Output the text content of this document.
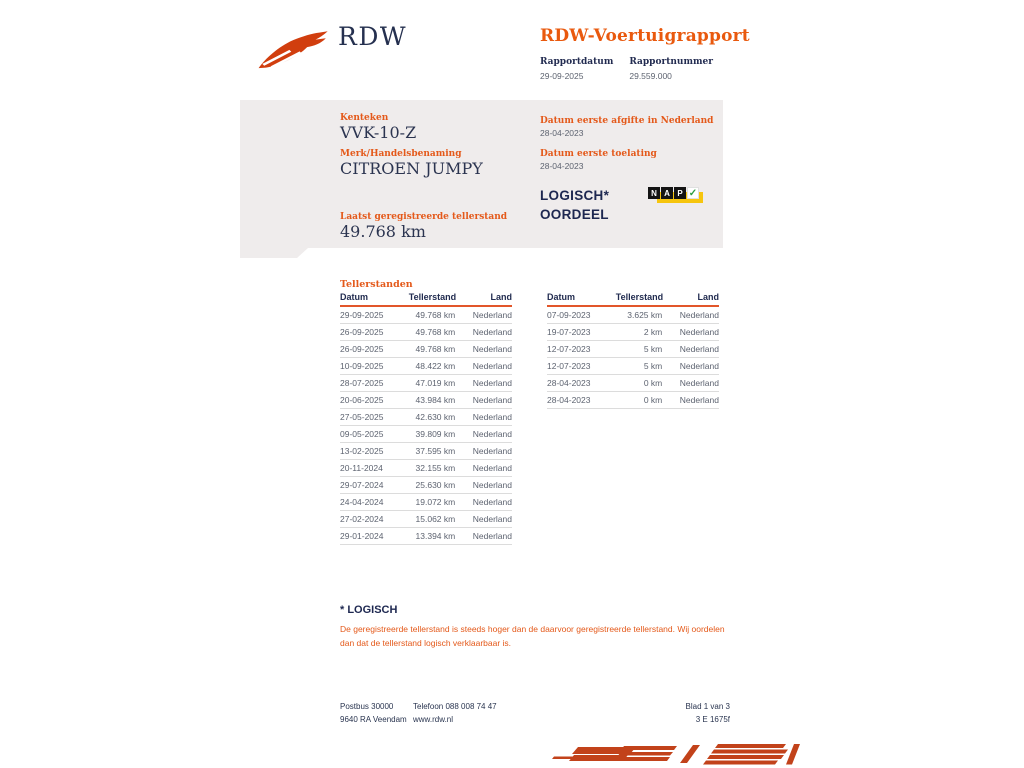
RDW	RDW-Voertuigrapport
Rapportdatum
29-09-2025
Rapportnummer
29.559.000
Kenteken
VVK-10-Z
Merk/Handelsbenaming
CITROEN JUMPY
Laatst geregistreerde tellerstand
49.768 km
Datum eerste afgifte in Nederland
28-04-2023
Datum eerste toelating
28-04-2023
LOGISCH*
OORDEEL
N A P ✓
Tellerstanden
Datum	Tellerstand	Land
29-09-2025	49.768 km	Nederland
26-09-2025	49.768 km	Nederland
26-09-2025	49.768 km	Nederland
10-09-2025	48.422 km	Nederland
28-07-2025	47.019 km	Nederland
20-06-2025	43.984 km	Nederland
27-05-2025	42.630 km	Nederland
09-05-2025	39.809 km	Nederland
13-02-2025	37.595 km	Nederland
20-11-2024	32.155 km	Nederland
29-07-2024	25.630 km	Nederland
24-04-2024	19.072 km	Nederland
27-02-2024	15.062 km	Nederland
29-01-2024	13.394 km	Nederland
Datum	Tellerstand	Land
07-09-2023	3.625 km	Nederland
19-07-2023	2 km	Nederland
12-07-2023	5 km	Nederland
12-07-2023	5 km	Nederland
28-04-2023	0 km	Nederland
28-04-2023	0 km	Nederland
* LOGISCH

De geregistreerde tellerstand is steeds hoger dan de daarvoor geregistreerde tellerstand. Wij oordelen dan dat de tellerstand logisch verklaarbaar is.

Postbus 30000
9640 RA Veendam
Telefoon 088 008 74 47
www.rdw.nl
Blad 1 van 3
3 E 1675f
